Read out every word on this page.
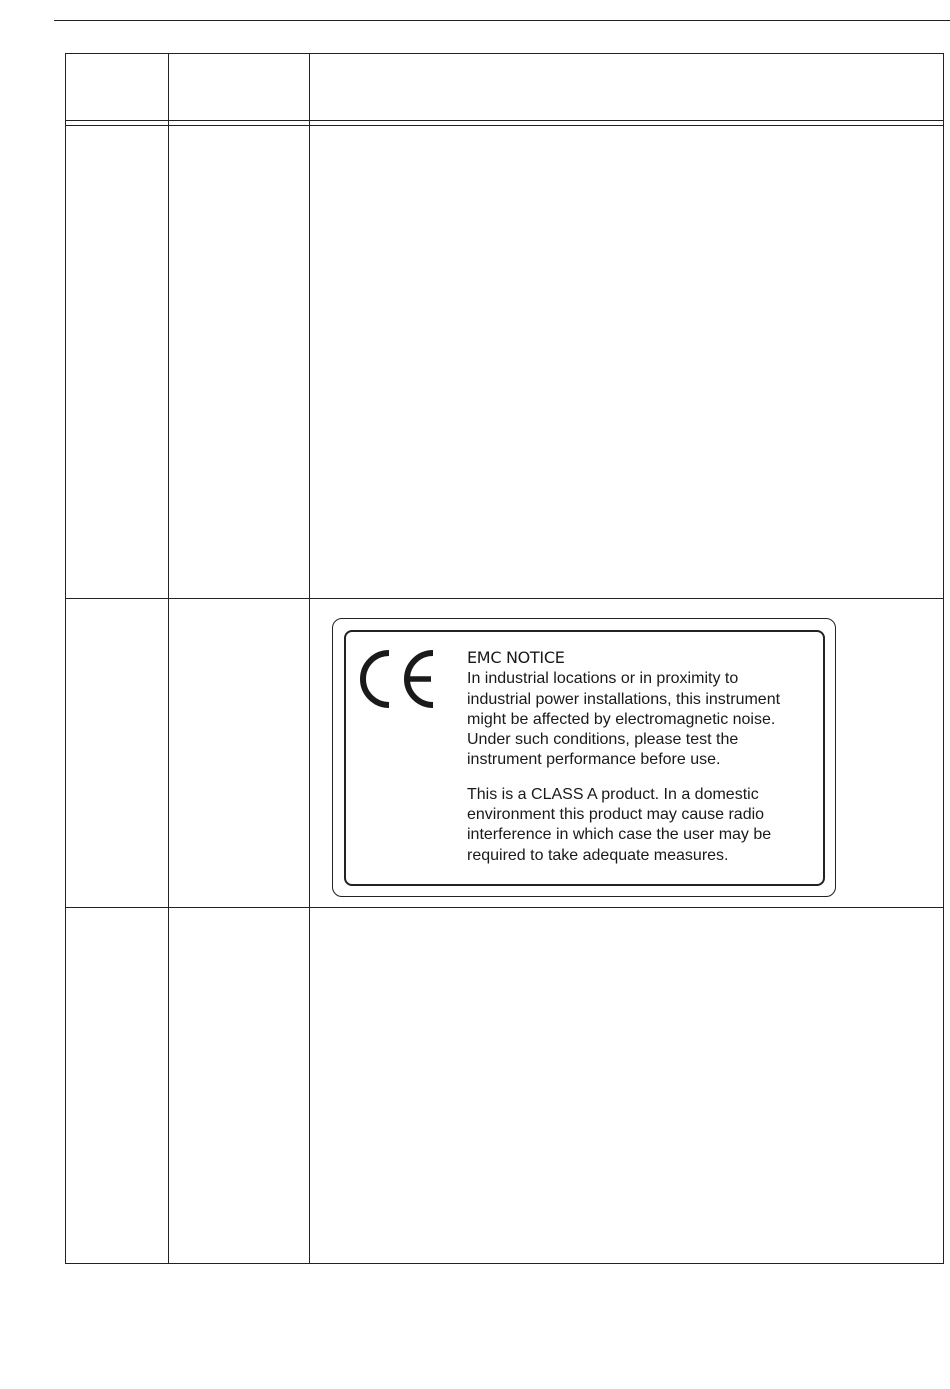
EMC NOTICE

In industrial locations or in proximity to
industrial power installations, this instrument
might be affected by electromagnetic noise.
Under such conditions, please test the
instrument performance before use.

This is a CLASS A product. In a domestic
environment this product may cause radio
interference in which case the user may be
required to take adequate measures.
